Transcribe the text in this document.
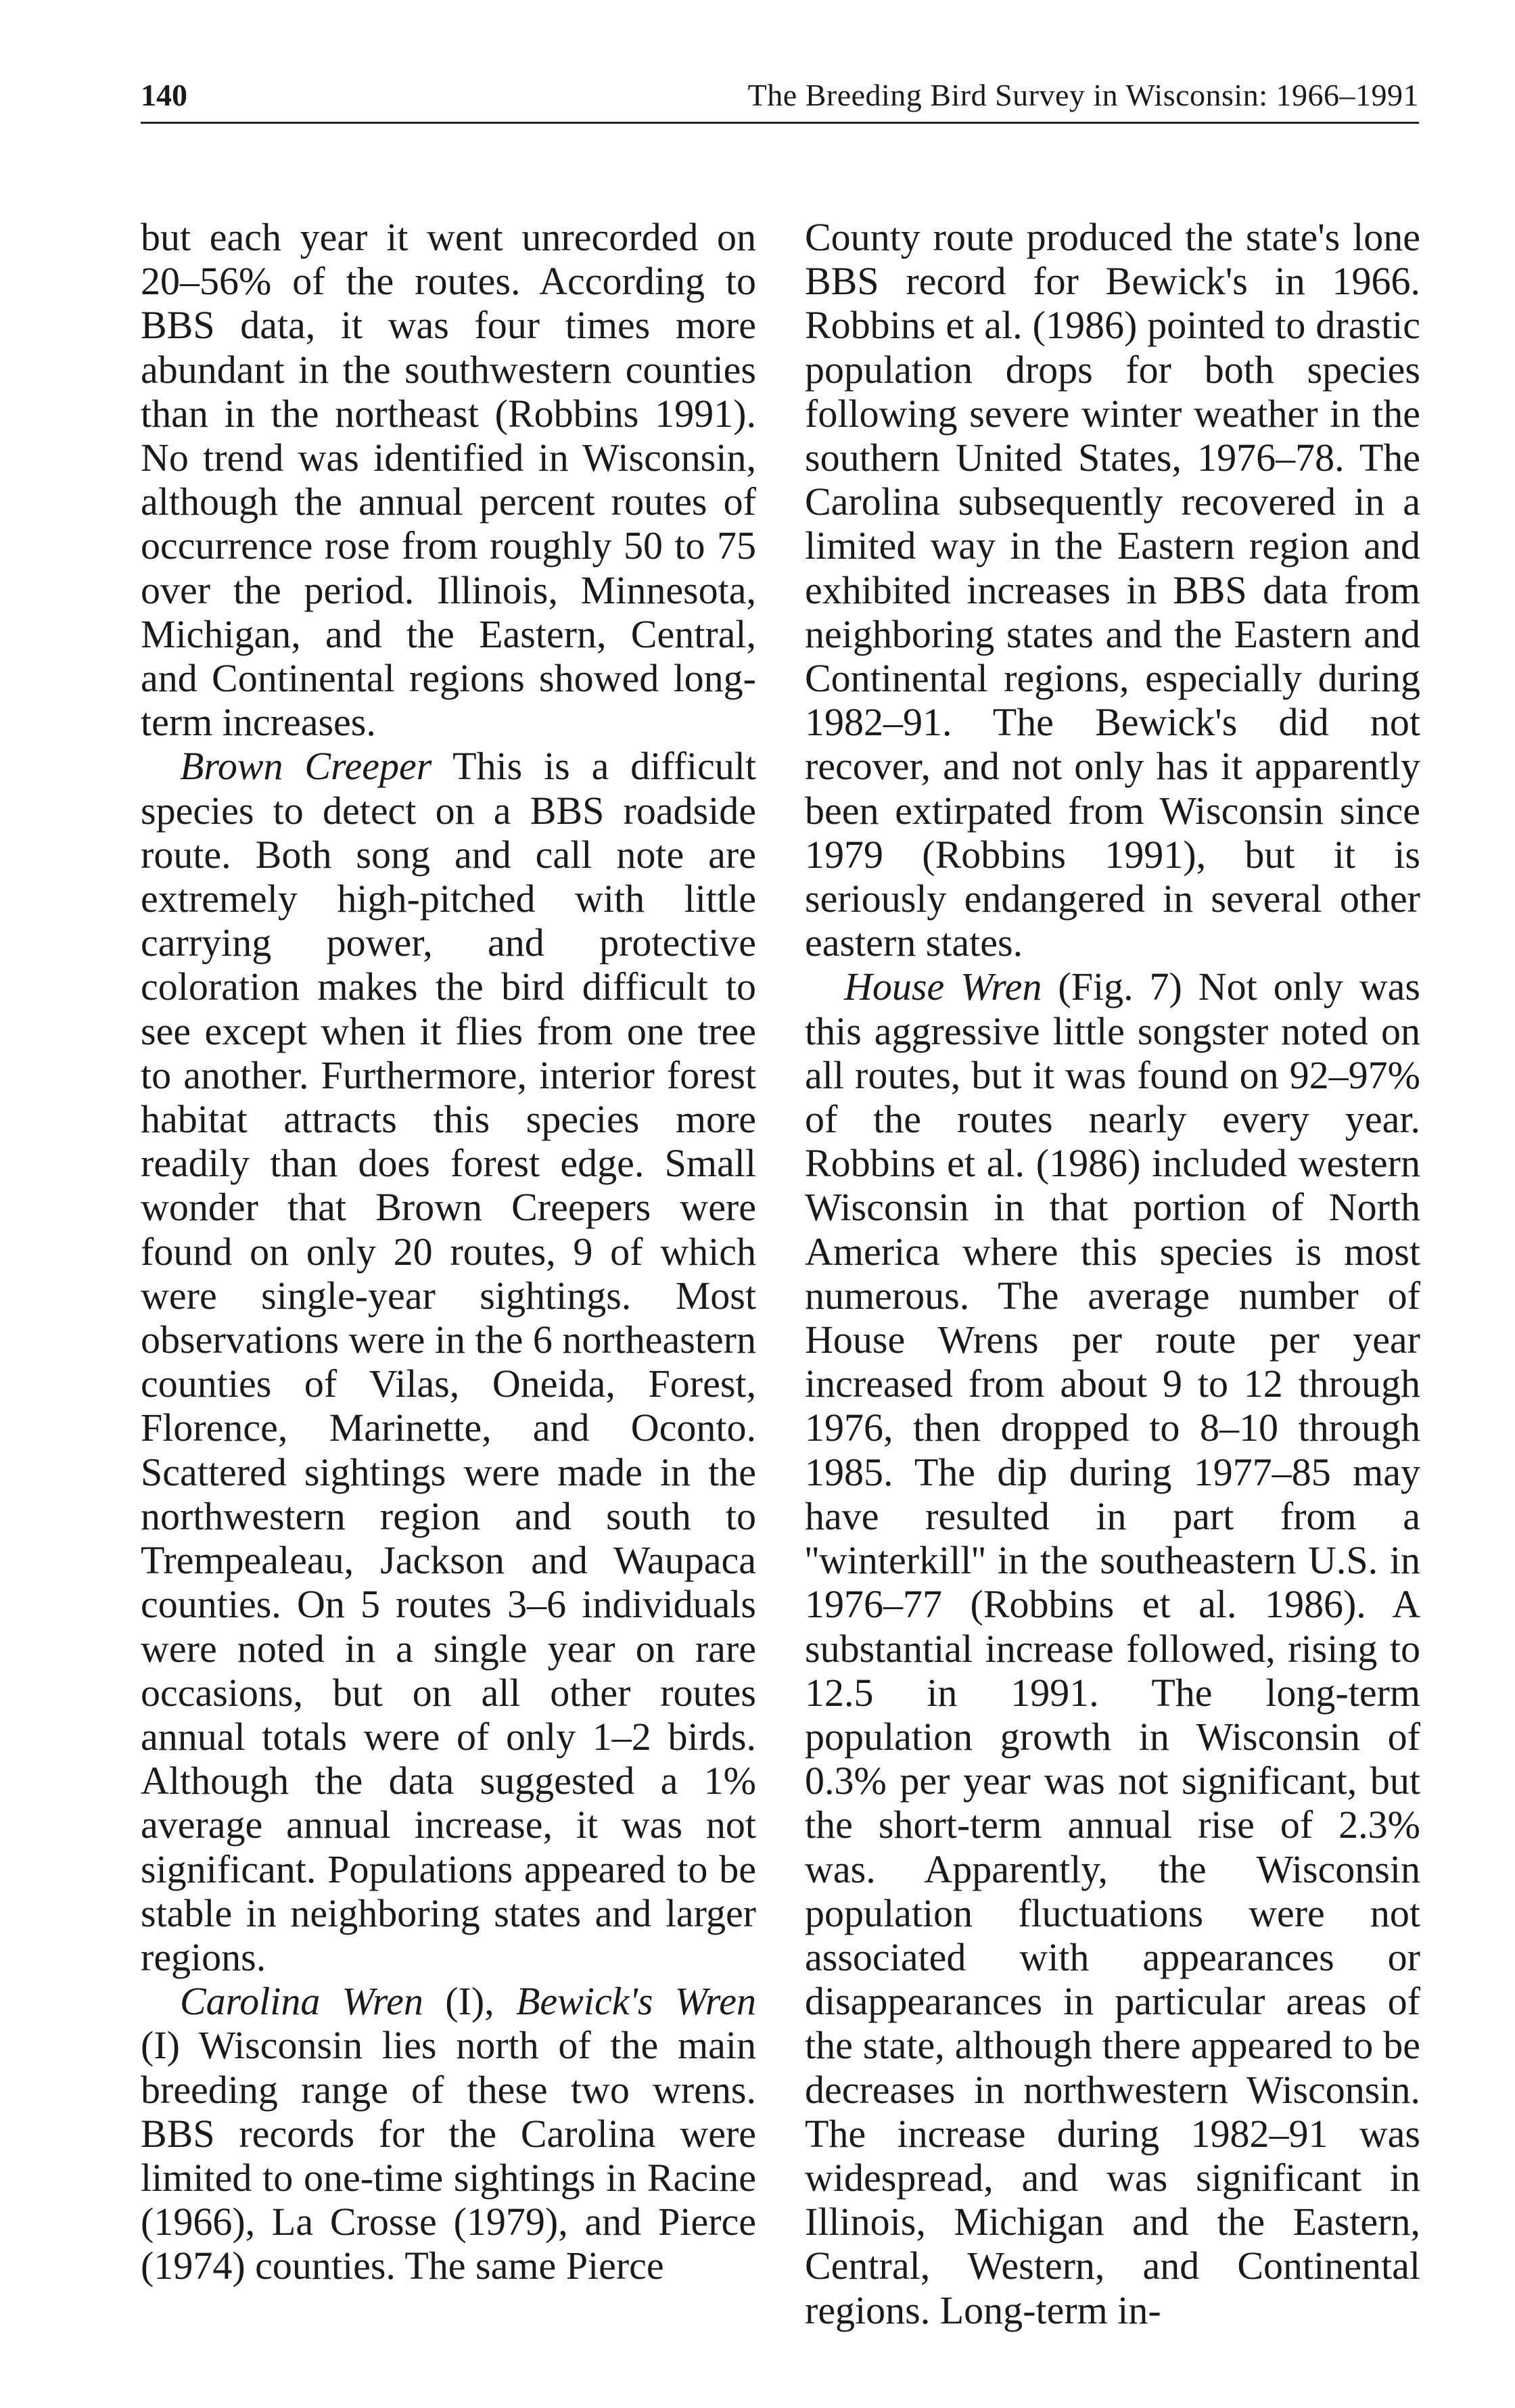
140	The Breeding Bird Survey in Wisconsin: 1966–1991

but each year it went unrecorded on 20–56% of the routes. According to BBS data, it was four times more abundant in the southwestern counties than in the northeast (Robbins 1991). No trend was identified in Wisconsin, although the annual percent routes of occurrence rose from roughly 50 to 75 over the period. Illinois, Minnesota, Michigan, and the Eastern, Central, and Continental regions showed long-term increases.

Brown Creeper This is a difficult species to detect on a BBS roadside route. Both song and call note are extremely high-pitched with little carrying power, and protective coloration makes the bird difficult to see except when it flies from one tree to another. Furthermore, interior forest habitat attracts this species more readily than does forest edge. Small wonder that Brown Creepers were found on only 20 routes, 9 of which were single-year sightings. Most observations were in the 6 northeastern counties of Vilas, Oneida, Forest, Florence, Marinette, and Oconto. Scattered sightings were made in the northwestern region and south to Trempealeau, Jackson and Waupaca counties. On 5 routes 3–6 individuals were noted in a single year on rare occasions, but on all other routes annual totals were of only 1–2 birds. Although the data suggested a 1% average annual increase, it was not significant. Populations appeared to be stable in neighboring states and larger regions.

Carolina Wren (I), Bewick's Wren (I) Wisconsin lies north of the main breeding range of these two wrens. BBS records for the Carolina were limited to one-time sightings in Racine (1966), La Crosse (1979), and Pierce (1974) counties. The same Pierce

County route produced the state's lone BBS record for Bewick's in 1966. Robbins et al. (1986) pointed to drastic population drops for both species following severe winter weather in the southern United States, 1976–78. The Carolina subsequently recovered in a limited way in the Eastern region and exhibited increases in BBS data from neighboring states and the Eastern and Continental regions, especially during 1982–91. The Bewick's did not recover, and not only has it apparently been extirpated from Wisconsin since 1979 (Robbins 1991), but it is seriously endangered in several other eastern states.

House Wren (Fig. 7) Not only was this aggressive little songster noted on all routes, but it was found on 92–97% of the routes nearly every year. Robbins et al. (1986) included western Wisconsin in that portion of North America where this species is most numerous. The average number of House Wrens per route per year increased from about 9 to 12 through 1976, then dropped to 8–10 through 1985. The dip during 1977–85 may have resulted in part from a ''winterkill'' in the southeastern U.S. in 1976–77 (Robbins et al. 1986). A substantial increase followed, rising to 12.5 in 1991. The long-term population growth in Wisconsin of 0.3% per year was not significant, but the short-term annual rise of 2.3% was. Apparently, the Wisconsin population fluctuations were not associated with appearances or disappearances in particular areas of the state, although there appeared to be decreases in northwestern Wisconsin. The increase during 1982–91 was widespread, and was significant in Illinois, Michigan and the Eastern, Central, Western, and Continental regions. Long-term in-
